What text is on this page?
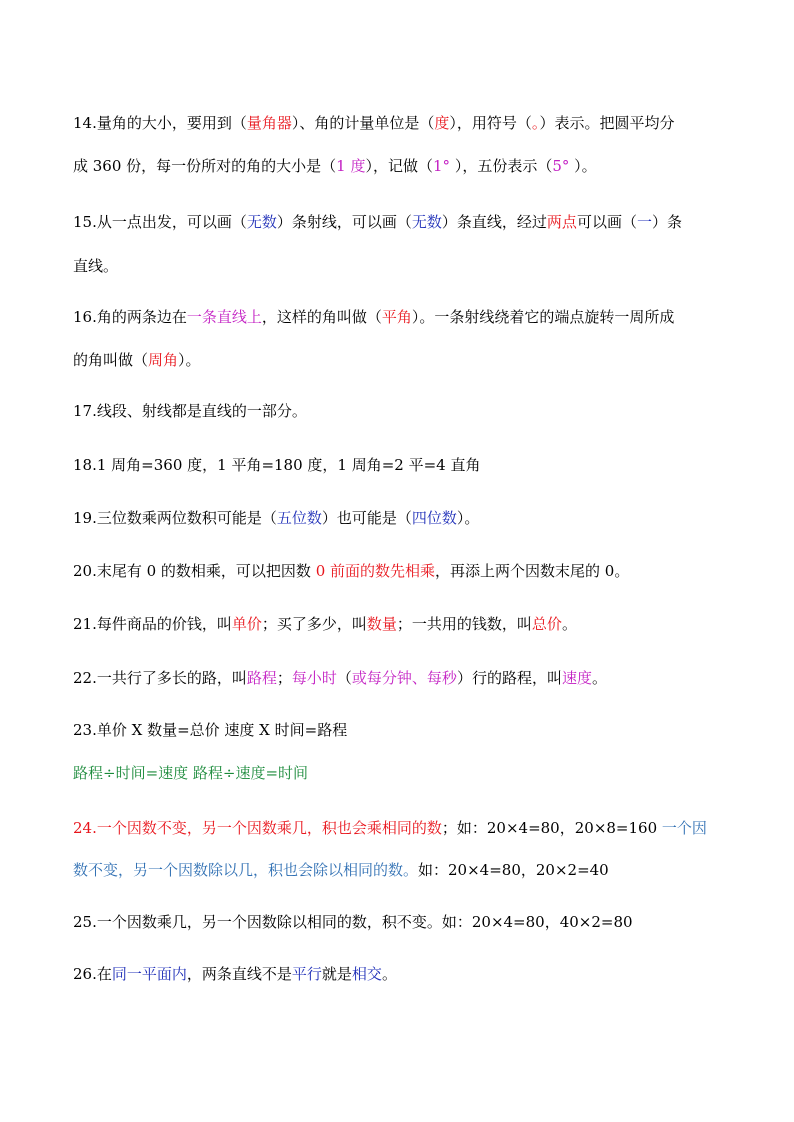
14.量角的大小，要用到（量角器）、角的计量单位是（度），用符号（。）表示。把圆平均分
成 360 份，每一份所对的角的大小是（1 度），记做（1° ），五份表示（5° ）。
15.从一点出发，可以画（无数）条射线，可以画（无数）条直线，经过两点可以画（一）条
直线。
16.角的两条边在一条直线上，这样的角叫做（平角）。一条射线绕着它的端点旋转一周所成
的角叫做（周角）。
17.线段、射线都是直线的一部分。
18.1 周角=360 度，1 平角=180 度，1 周角=2 平=4 直角
19.三位数乘两位数积可能是（五位数）也可能是（四位数）。
20.末尾有 0 的数相乘，可以把因数 0 前面的数先相乘，再添上两个因数末尾的 0。
21.每件商品的价钱，叫单价；买了多少，叫数量；一共用的钱数，叫总价。
22.一共行了多长的路，叫路程；每小时（或每分钟、每秒）行的路程，叫速度。
23.单价 X 数量=总价 速度 X 时间=路程
路程÷时间=速度 路程÷速度=时间
24.一个因数不变，另一个因数乘几，积也会乘相同的数；如：20×4=80，20×8=160 一个因
数不变，另一个因数除以几，积也会除以相同的数。如：20×4=80，20×2=40
25.一个因数乘几，另一个因数除以相同的数，积不变。如：20×4=80，40×2=80
26.在同一平面内，两条直线不是平行就是相交。
